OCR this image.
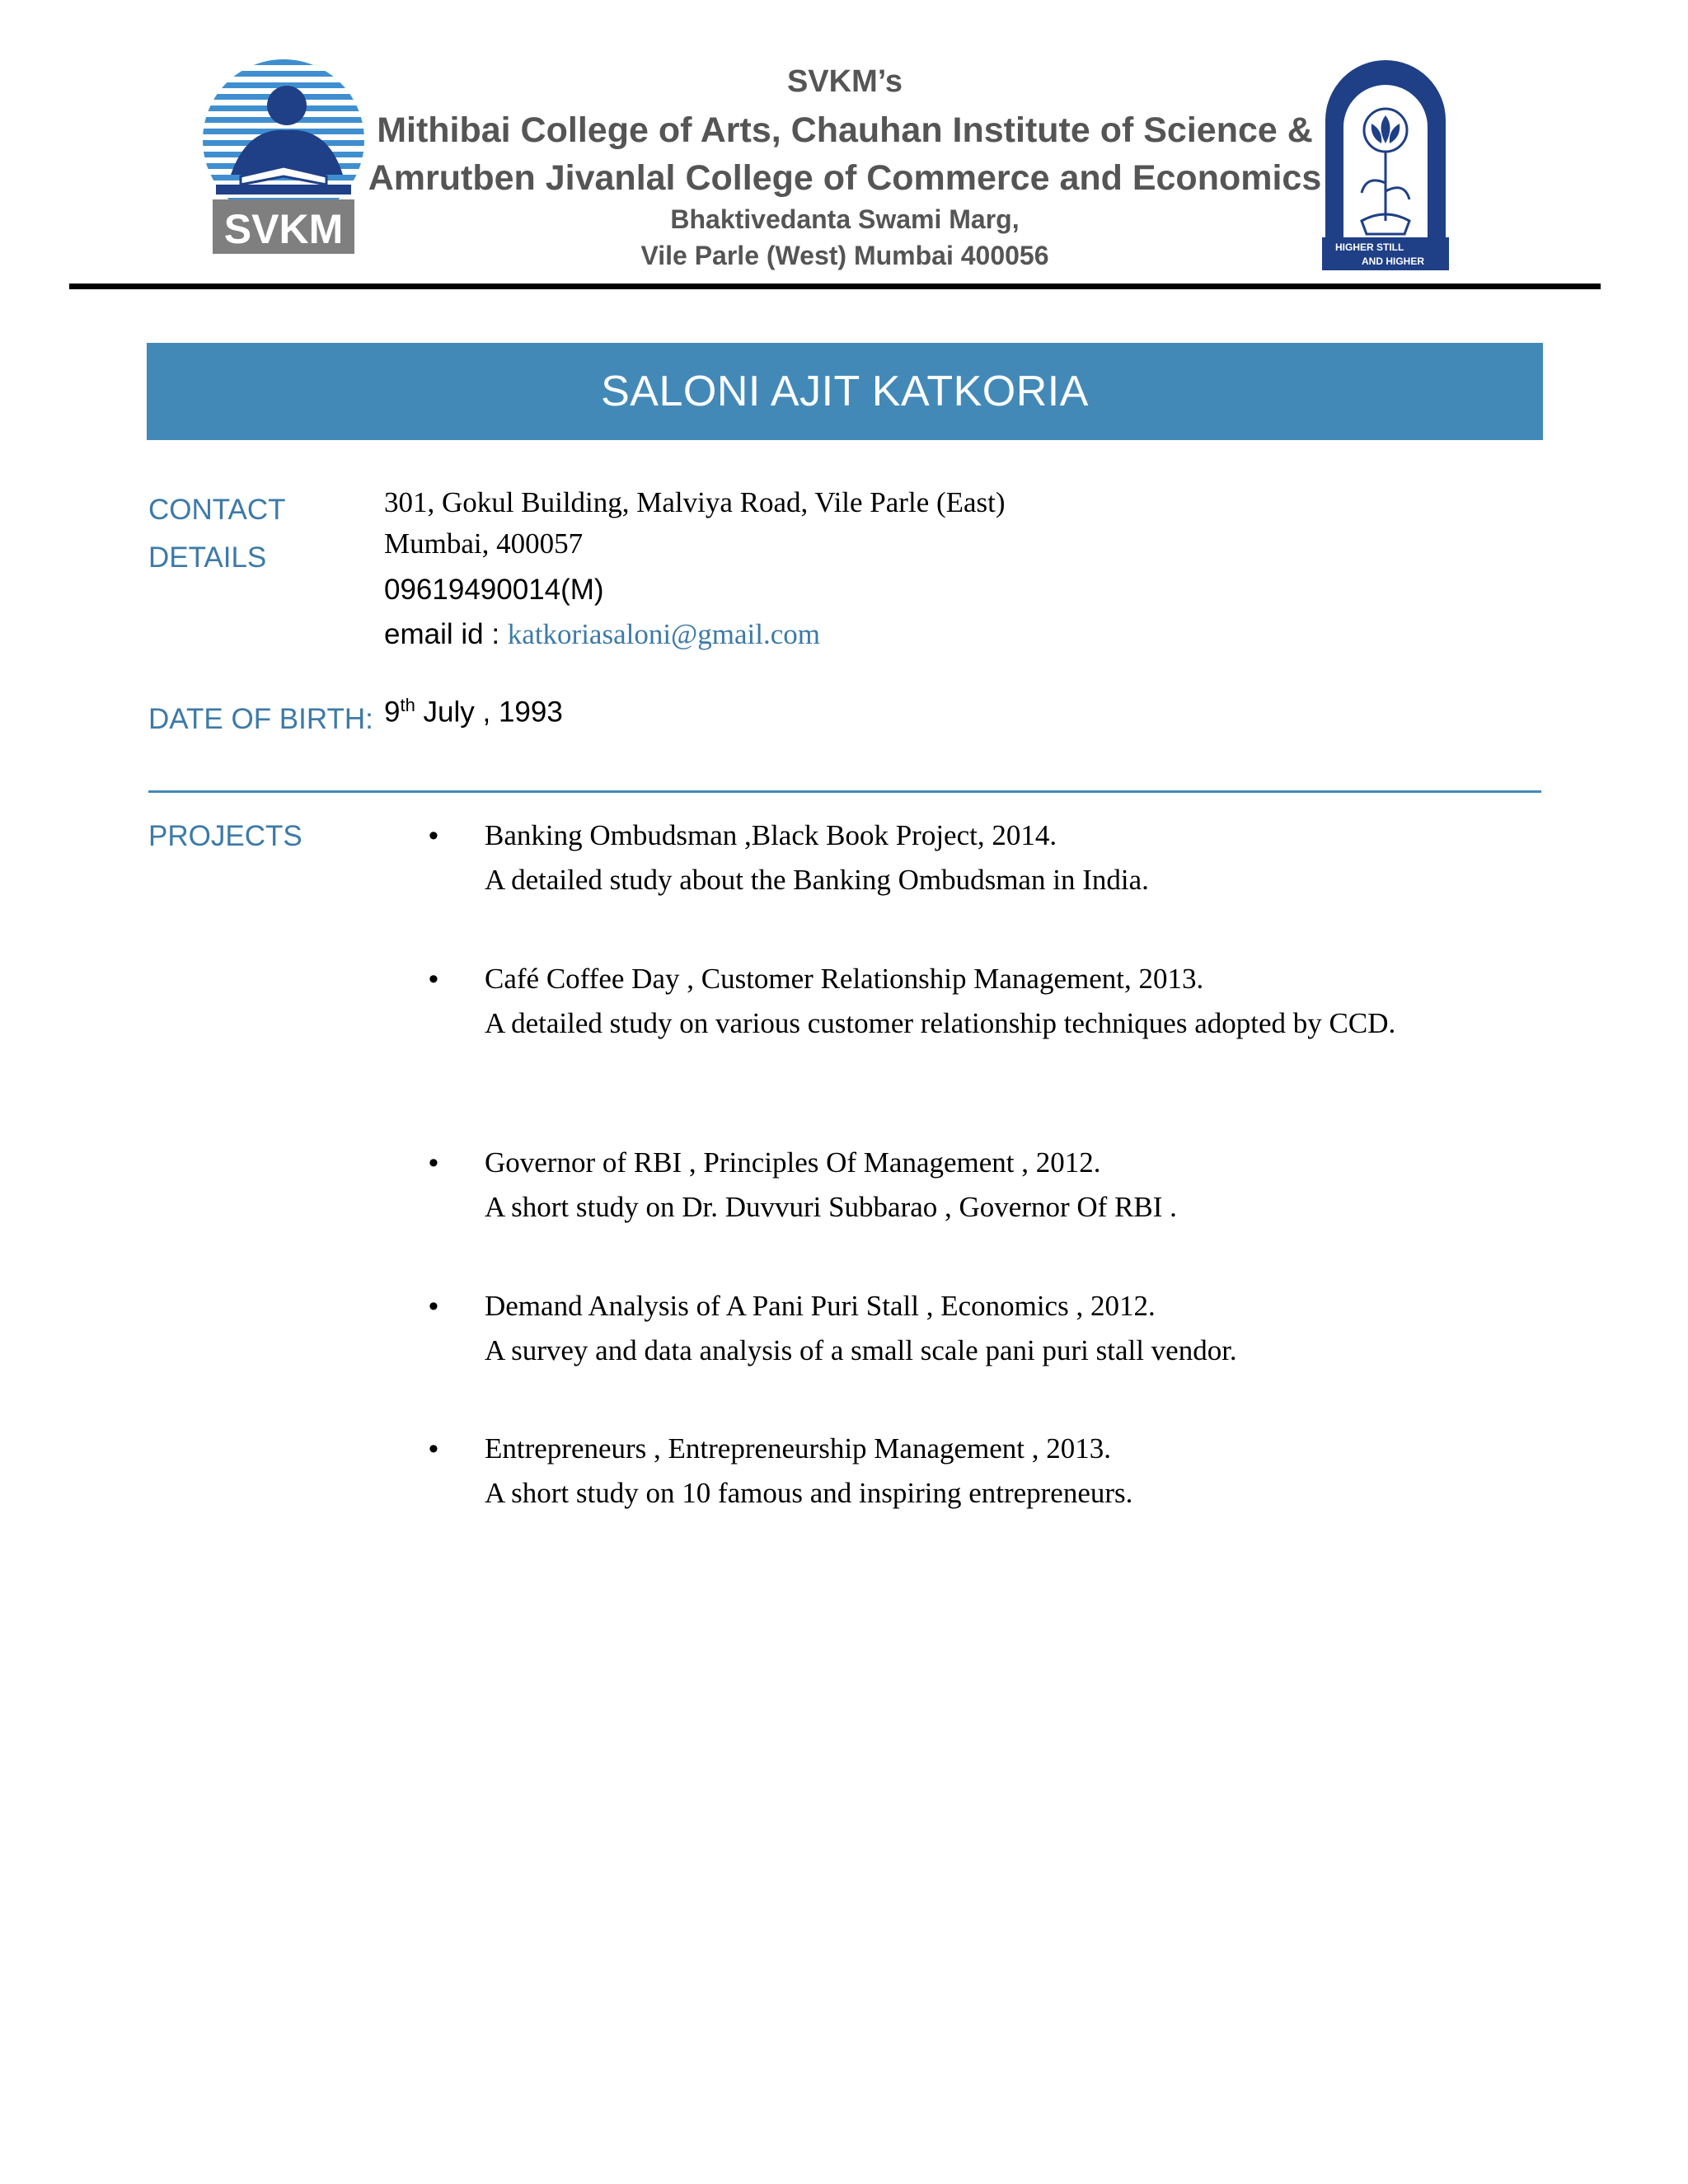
SVKM
SVKM’s
Mithibai College of Arts, Chauhan Institute of Science &
Amrutben Jivanlal College of Commerce and Economics
Bhaktivedanta Swami Marg,
Vile Parle (West) Mumbai 400056	HIGHER STILL
AND HIGHER
SALONI AJIT KATKORIA
CONTACT
DETAILS
301, Gokul Building, Malviya Road, Vile Parle (East)
Mumbai, 400057
09619490014(M)
email id : katkoriasaloni@gmail.com
DATE OF BIRTH: 9th July , 1993
PROJECTS	• Banking Ombudsman ,Black Book Project, 2014.
A detailed study about the Banking Ombudsman in India.
• Café Coffee Day , Customer Relationship Management, 2013.
A detailed study on various customer relationship techniques adopted by CCD.
• Governor of RBI , Principles Of Management , 2012.
A short study on Dr. Duvvuri Subbarao , Governor Of RBI .
• Demand Analysis of A Pani Puri Stall , Economics , 2012.
A survey and data analysis of a small scale pani puri stall vendor.
• Entrepreneurs , Entrepreneurship Management , 2013.
A short study on 10 famous and inspiring entrepreneurs.
